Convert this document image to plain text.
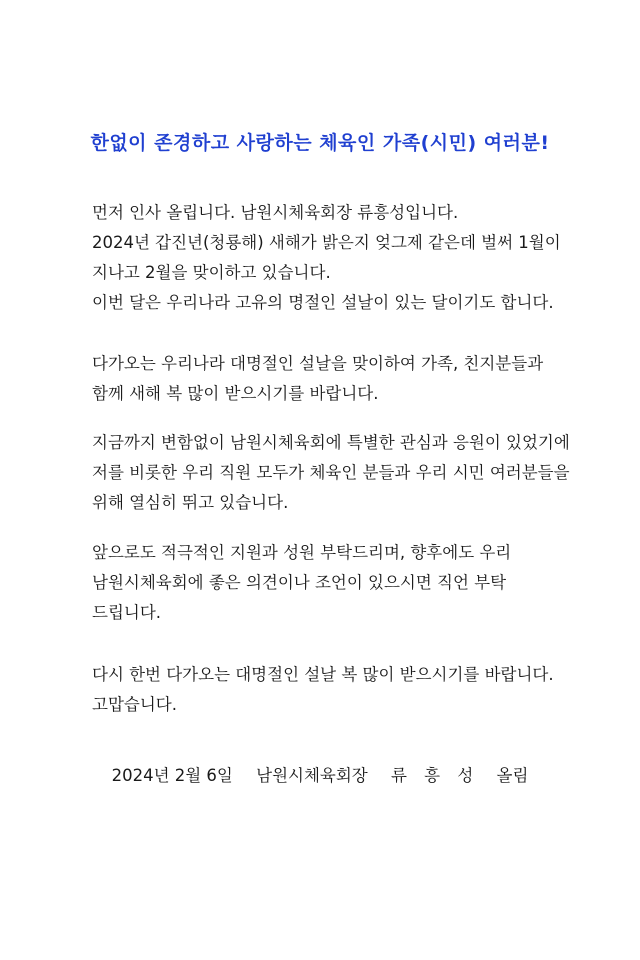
한없이 존경하고 사랑하는 체육인 가족(시민) 여러분!
먼저 인사 올립니다. 남원시체육회장 류흥성입니다.
2024년 갑진년(청룡해) 새해가 밝은지 엊그제 같은데 벌써 1월이
지나고 2월을 맞이하고 있습니다.
이번 달은 우리나라 고유의 명절인 설날이 있는 달이기도 합니다.
다가오는 우리나라 대명절인 설날을 맞이하여 가족, 친지분들과
함께 새해 복 많이 받으시기를 바랍니다.
지금까지 변함없이 남원시체육회에 특별한 관심과 응원이 있었기에
저를 비롯한 우리 직원 모두가 체육인 분들과 우리 시민 여러분들을
위해 열심히 뛰고 있습니다.
앞으로도 적극적인 지원과 성원 부탁드리며, 향후에도 우리
남원시체육회에 좋은 의견이나 조언이 있으시면 직언 부탁
드립니다.
다시 한번 다가오는 대명절인 설날 복 많이 받으시기를 바랍니다.
고맙습니다.
2024년 2월 6일 남원시체육회장 류 흥 성 올림
